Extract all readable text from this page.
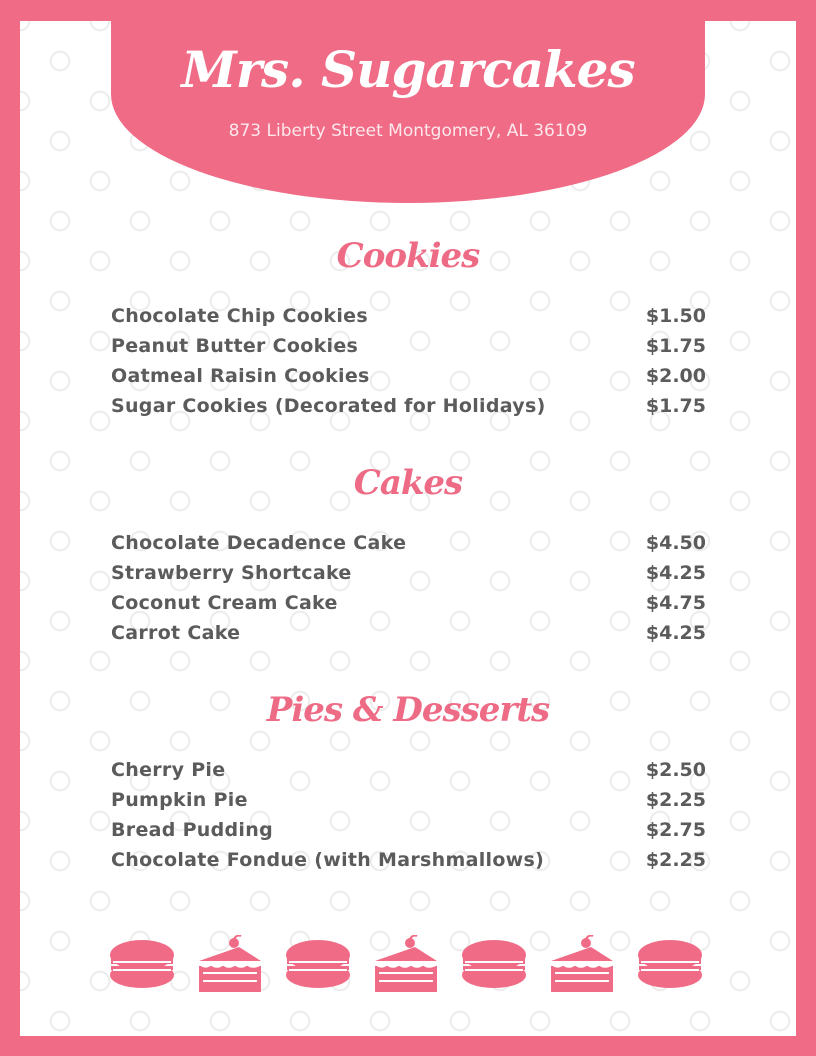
Mrs. Sugarcakes
873 Liberty Street Montgomery, AL 36109
Cookies
Chocolate Chip Cookies	$1.50
Peanut Butter Cookies	$1.75
Oatmeal Raisin Cookies	$2.00
Sugar Cookies (Decorated for Holidays)	$1.75
Cakes
Chocolate Decadence Cake	$4.50
Strawberry Shortcake	$4.25
Coconut Cream Cake	$4.75
Carrot Cake	$4.25
Pies & Desserts
Cherry Pie	$2.50
Pumpkin Pie	$2.25
Bread Pudding	$2.75
Chocolate Fondue (with Marshmallows)	$2.25
